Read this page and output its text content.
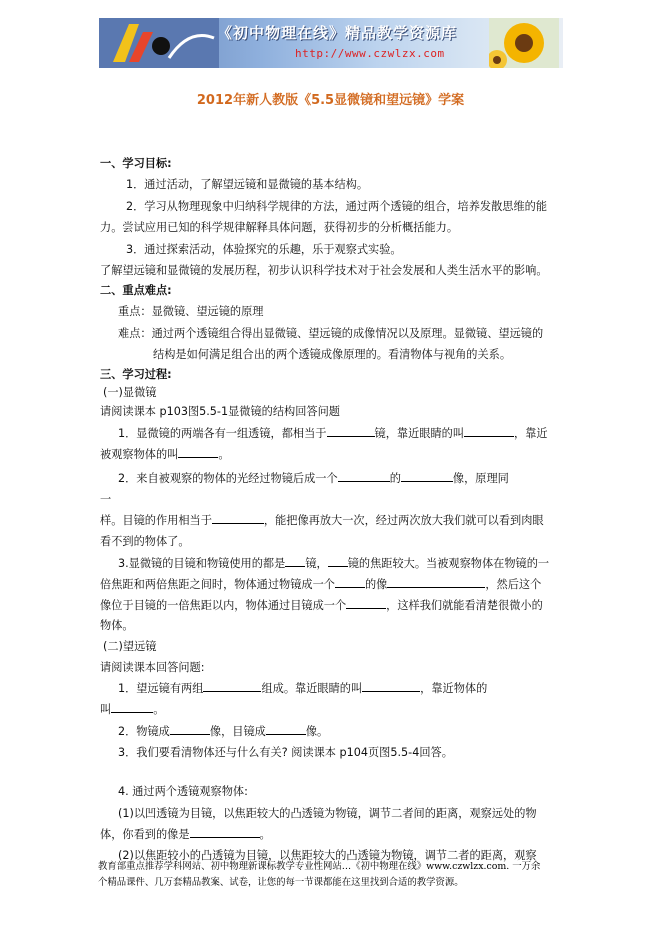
《初中物理在线》精品教学资源库
http://www.czwlzx.com
2012年新人教版《5.5显微镜和望远镜》学案
一、学习目标:
1．通过活动，了解望远镜和显微镜的基本结构。
2．学习从物理现象中归纳科学规律的方法，通过两个透镜的组合，培养发散思维的能
力。尝试应用已知的科学规律解释具体问题，获得初步的分析概括能力。
3．通过探索活动，体验探究的乐趣，乐于观察式实验。
了解望远镜和显微镜的发展历程，初步认识科学技术对于社会发展和人类生活水平的影响。
二、重点难点:
重点：显微镜、望远镜的原理
难点：通过两个透镜组合得出显微镜、望远镜的成像情况以及原理。显微镜、望远镜的
结构是如何满足组合出的两个透镜成像原理的。看清物体与视角的关系。
三、学习过程:
(一)显微镜
请阅读课本 p103图5.5-1显微镜的结构回答问题
1．显微镜的两端各有一组透镜，都相当于	镜，靠近眼睛的叫	，靠近
被观察物体的叫	。
2．来自被观察的物体的光经过物镜后成一个	的	像，原理同
一
样。目镜的作用相当于	，能把像再放大一次，经过两次放大我们就可以看到肉眼
看不到的物体了。
3.显微镜的目镜和物镜使用的都是 镜， 镜的焦距较大。当被观察物体在物镜的一
倍焦距和两倍焦距之间时，物体通过物镜成一个	的像	，然后这个
像位于目镜的一倍焦距以内，物体通过目镜成一个	，这样我们就能看清楚很微小的
物体。
(二)望远镜
请阅读课本回答问题:
1．望远镜有两组	组成。靠近眼睛的叫	，靠近物体的
叫	。
2．物镜成	像，目镜成	像。
3．我们要看清物体还与什么有关? 阅读课本 p104页图5.5-4回答。
4. 通过两个透镜观察物体:
(1)以凹透镜为目镜，以焦距较大的凸透镜为物镜，调节二者间的距离，观察远处的物
体，你看到的像是	。
(2)以焦距较小的凸透镜为目镜，以焦距较大的凸透镜为物镜，调节二者的距离，观察
教育部重点推荐学科网站、初中物理新课标教学专业性网站…《初中物理在线》www.czwlzx.com. 一万余
个精品课件、几万套精品教案、试卷，让您的每一节课都能在这里找到合适的教学资源。
